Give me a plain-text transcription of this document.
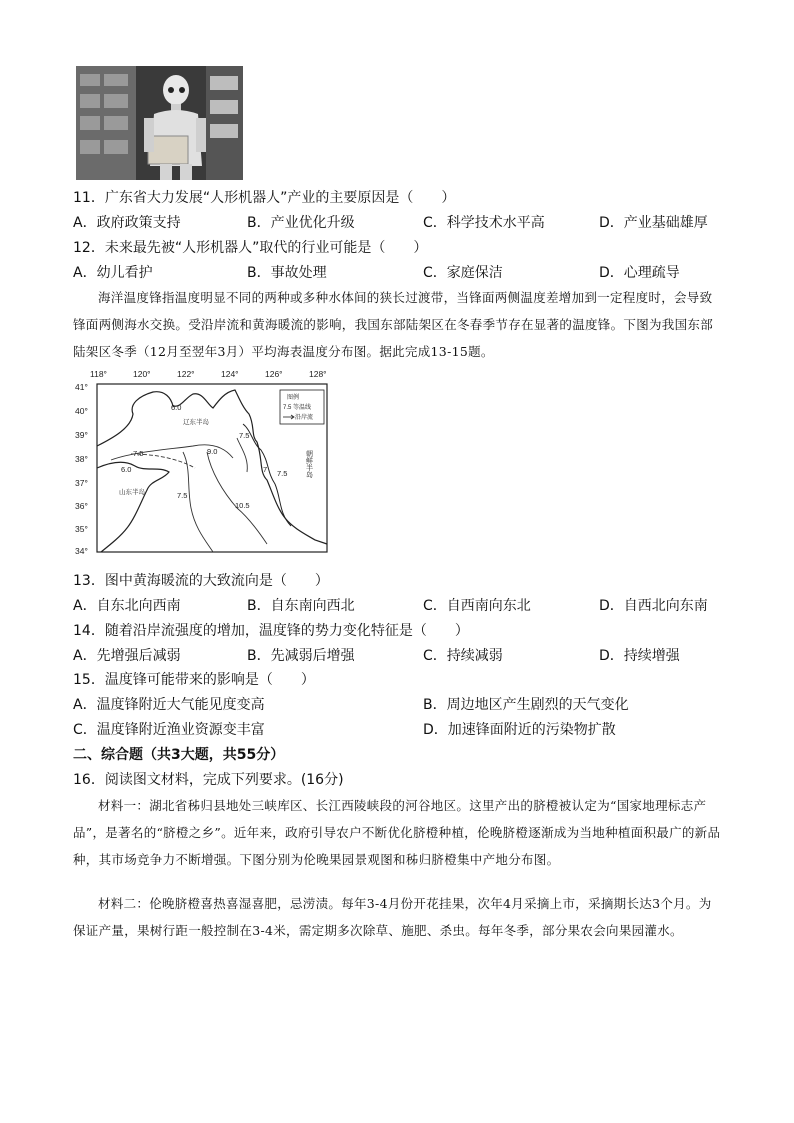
11．广东省大力发展“人形机器人”产业的主要原因是（　　）
A．政府政策支持	B．产业优化升级	C．科学技术水平高	D．产业基础雄厚
12．未来最先被“人形机器人”取代的行业可能是（　　）
A．幼儿看护	B．事故处理	C．家庭保洁	D．心理疏导
海洋温度锋指温度明显不同的两种或多种水体间的狭长过渡带，当锋面两侧温度差增加到一定程度时，会导致锋面两侧海水交换。受沿岸流和黄海暖流的影响，我国东部陆架区在冬春季节存在显著的温度锋。下图为我国东部陆架区冬季（12月至翌年3月）平均海表温度分布图。据此完成13-15题。
118°	120°	122°	124°	126°	128°
41°
40°
39°
38°
37°
36°
35°
34°
6.0
6.0
7.5
7.5
7.5
7.5
9.0
10.5
7
辽东半岛
山东半岛
朝鲜半岛
图例
7.5 等温线
沿岸流
13．图中黄海暖流的大致流向是（　　）
A．自东北向西南	B．自东南向西北	C．自西南向东北	D．自西北向东南
14．随着沿岸流强度的增加，温度锋的势力变化特征是（　　）
A．先增强后减弱	B．先减弱后增强	C．持续减弱	D．持续增强
15．温度锋可能带来的影响是（　　）
A．温度锋附近大气能见度变高	B．周边地区产生剧烈的天气变化
C．温度锋附近渔业资源变丰富	D．加速锋面附近的污染物扩散
二、综合题（共3大题，共55分）
16．阅读图文材料，完成下列要求。(16分)
材料一：湖北省秭归县地处三峡库区、长江西陵峡段的河谷地区。这里产出的脐橙被认定为“国家地理标志产品”，是著名的“脐橙之乡”。近年来，政府引导农户不断优化脐橙种植，伦晚脐橙逐渐成为当地种植面积最广的新品种，其市场竞争力不断增强。下图分别为伦晚果园景观图和秭归脐橙集中产地分布图。
材料二：伦晚脐橙喜热喜湿喜肥，忌涝渍。每年3-4月份开花挂果，次年4月采摘上市，采摘期长达3个月。为保证产量，果树行距一般控制在3-4米，需定期多次除草、施肥、杀虫。每年冬季，部分果农会向果园灌水。
